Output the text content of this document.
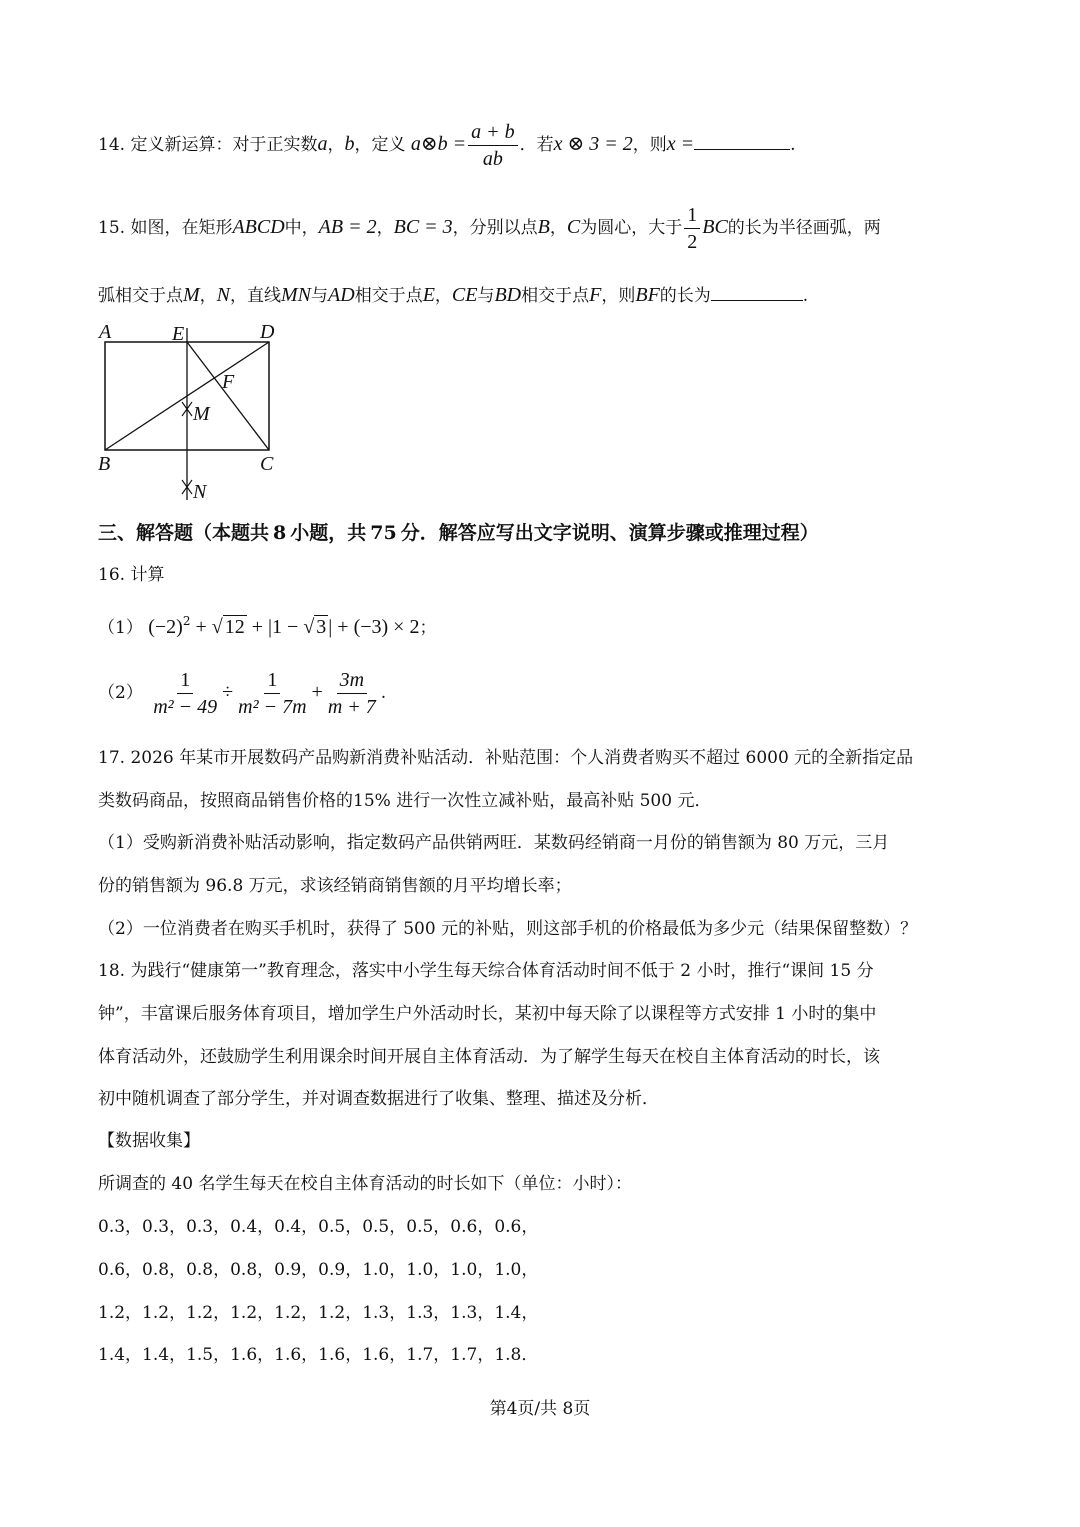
14. 定义新运算：对于正实数a，b，定义 a⊗b = $\frac{a + b}{ab}$ ．若x ⊗ 3 = 2，则x =	.
15. 如图，在矩形ABCD中，AB = 2，BC = 3，分别以点B，C为圆心，大于 $\frac{1}{2}$ BC的长为半径画弧，两
弧相交于点M，N，直线MN与AD相交于点E，CE与BD相交于点F，则BF的长为	.
A	E	D
F
M
B	C
N
三、解答题（本题共 8 小题，共 75 分．解答应写出文字说明、演算步骤或推理过程）
16. 计算
（1） $(-2)^2$ + √ 12 + |1 − √ 3 | + (−3) × 2；
$(2) \frac{1}{\text{m² − 49}} \div \frac{1}{\text{m² − 7m}} + \frac{3m}{m + 7}$ .
17. 2026 年某市开展数码产品购新消费补贴活动．补贴范围：个人消费者购买不超过 6000 元的全新指定品
类数码商品，按照商品销售价格的15% 进行一次性立减补贴，最高补贴 500 元．
（1）受购新消费补贴活动影响，指定数码产品供销两旺．某数码经销商一月份的销售额为 80 万元，三月
份的销售额为 96.8 万元，求该经销商销售额的月平均增长率；
（2）一位消费者在购买手机时，获得了 500 元的补贴，则这部手机的价格最低为多少元（结果保留整数）？
18. 为践行“健康第一”教育理念，落实中小学生每天综合体育活动时间不低于 2 小时，推行“课间 15 分
钟”，丰富课后服务体育项目，增加学生户外活动时长，某初中每天除了以课程等方式安排 1 小时的集中
体育活动外，还鼓励学生利用课余时间开展自主体育活动．为了解学生每天在校自主体育活动的时长，该
初中随机调查了部分学生，并对调查数据进行了收集、整理、描述及分析．
【数据收集】
所调查的 40 名学生每天在校自主体育活动的时长如下（单位：小时）：
0.3，0.3，0.3，0.4，0.4，0.5，0.5，0.5，0.6，0.6，
0.6，0.8，0.8，0.8，0.9，0.9，1.0，1.0，1.0，1.0，
1.2，1.2，1.2，1.2，1.2，1.2，1.3，1.3，1.3，1.4，
1.4，1.4，1.5，1.6，1.6，1.6，1.6，1.7，1.7，1.8．
第4页/共 8页
